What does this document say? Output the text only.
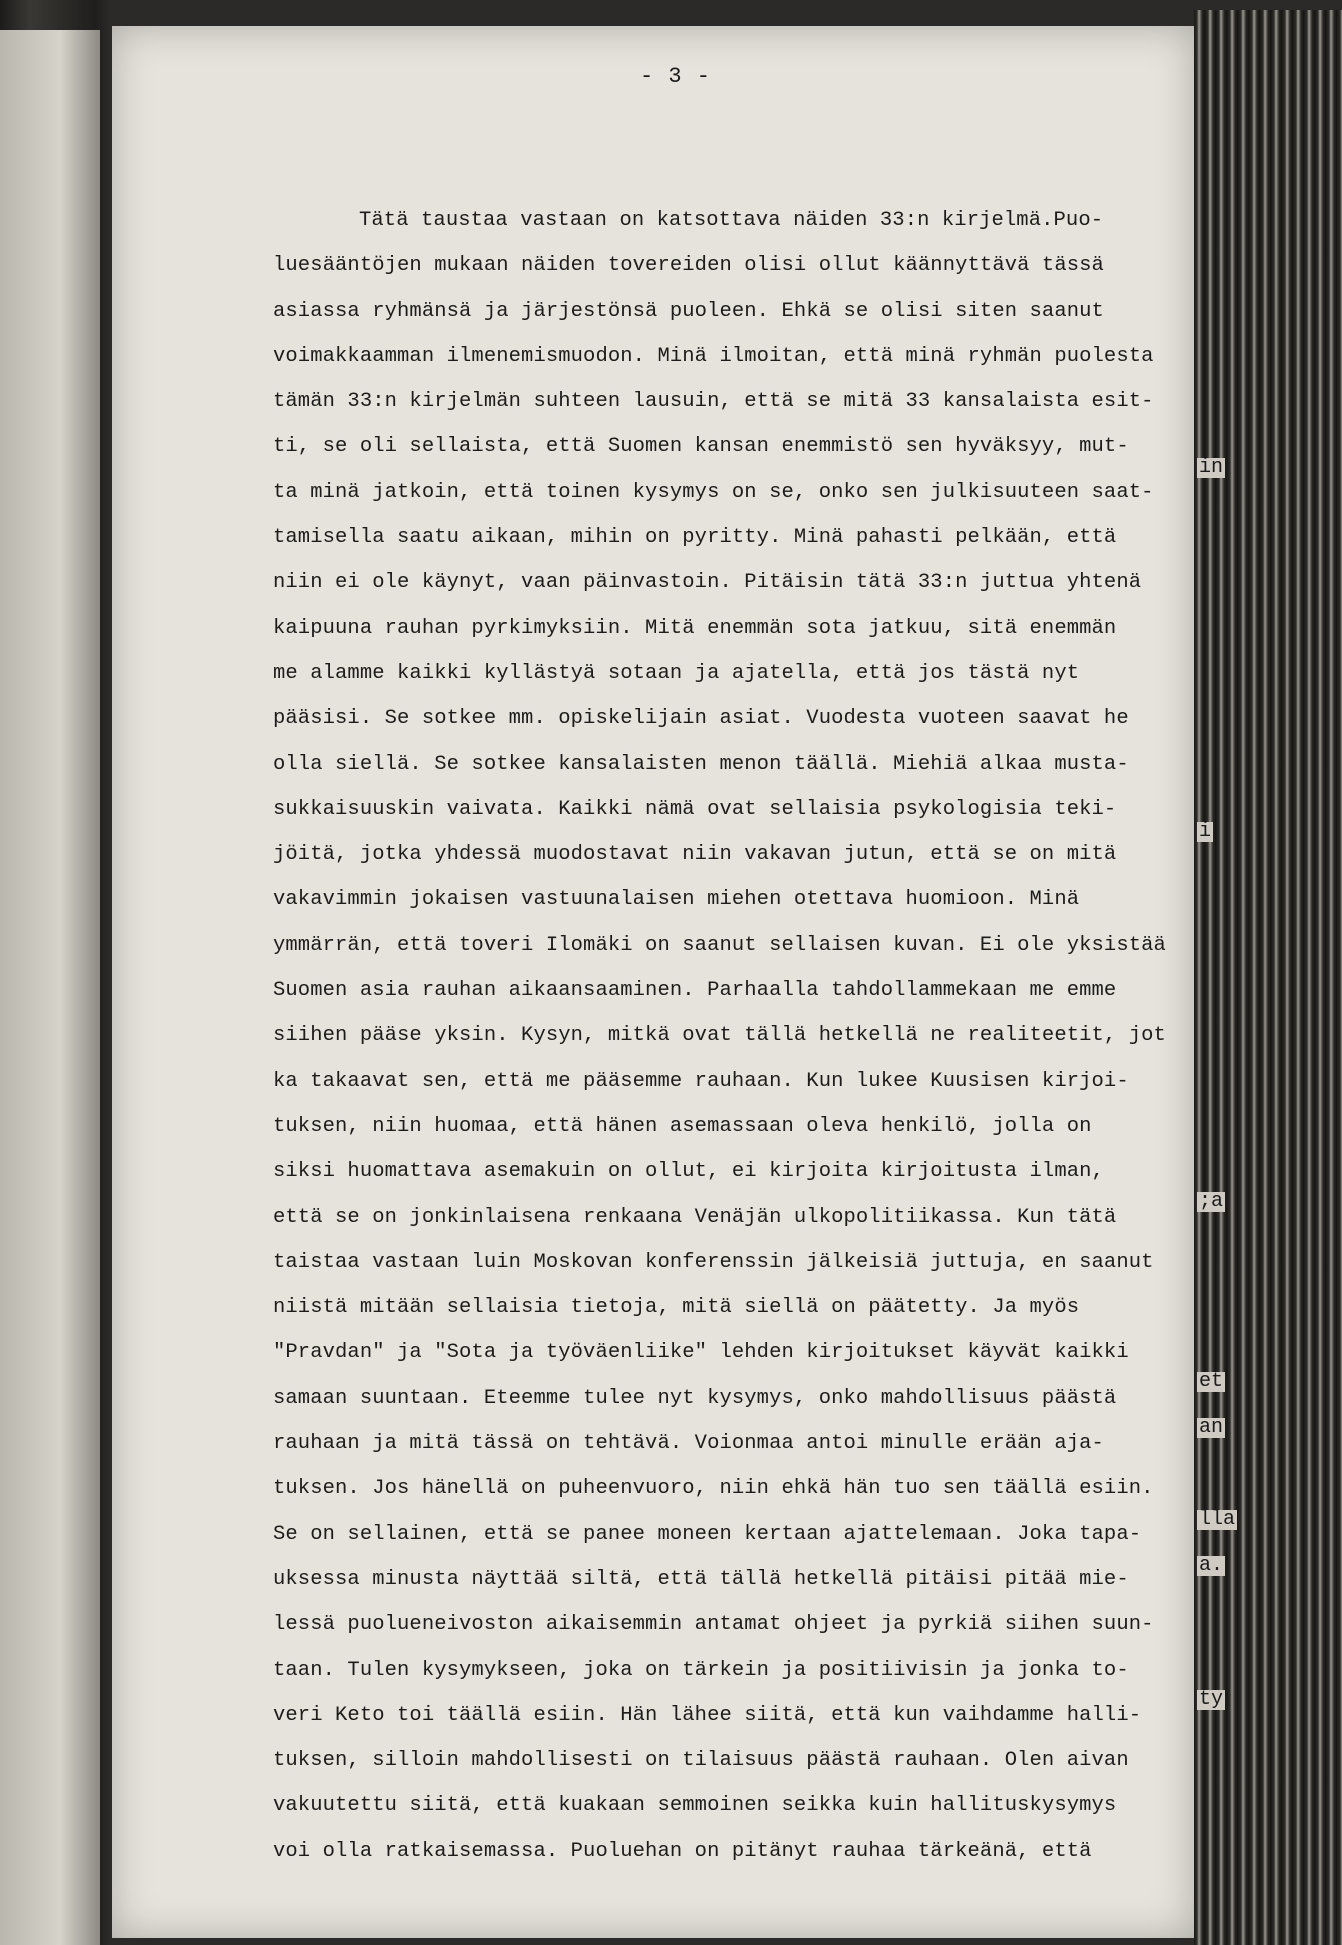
in
i
;a
et
an
lla
a.
ty
- 3 -
Tätä taustaa vastaan on katsottava näiden 33:n kirjelmä.Puo-
luesääntöjen mukaan näiden tovereiden olisi ollut käännyttävä tässä
asiassa ryhmänsä ja järjestönsä puoleen. Ehkä se olisi siten saanut
voimakkaamman ilmenemismuodon. Minä ilmoitan, että minä ryhmän puolesta
tämän 33:n kirjelmän suhteen lausuin, että se mitä 33 kansalaista esit-
ti, se oli sellaista, että Suomen kansan enemmistö sen hyväksyy, mut-
ta minä jatkoin, että toinen kysymys on se, onko sen julkisuuteen saat-
tamisella saatu aikaan, mihin on pyritty. Minä pahasti pelkään, että
niin ei ole käynyt, vaan päinvastoin. Pitäisin tätä 33:n juttua yhtenä
kaipuuna rauhan pyrkimyksiin. Mitä enemmän sota jatkuu, sitä enemmän
me alamme kaikki kyllästyä sotaan ja ajatella, että jos tästä nyt
pääsisi. Se sotkee mm. opiskelijain asiat. Vuodesta vuoteen saavat he
olla siellä. Se sotkee kansalaisten menon täällä. Miehiä alkaa musta-
sukkaisuuskin vaivata. Kaikki nämä ovat sellaisia psykologisia teki-
jöitä, jotka yhdessä muodostavat niin vakavan jutun, että se on mitä
vakavimmin jokaisen vastuunalaisen miehen otettava huomioon. Minä
ymmärrän, että toveri Ilomäki on saanut sellaisen kuvan. Ei ole yksistää
Suomen asia rauhan aikaansaaminen. Parhaalla tahdollammekaan me emme
siihen pääse yksin. Kysyn, mitkä ovat tällä hetkellä ne realiteetit, jot
ka takaavat sen, että me pääsemme rauhaan. Kun lukee Kuusisen kirjoi-
tuksen, niin huomaa, että hänen asemassaan oleva henkilö, jolla on
siksi huomattava asemakuin on ollut, ei kirjoita kirjoitusta ilman,
että se on jonkinlaisena renkaana Venäjän ulkopolitiikassa. Kun tätä
taistaa vastaan luin Moskovan konferenssin jälkeisiä juttuja, en saanut
niistä mitään sellaisia tietoja, mitä siellä on päätetty. Ja myös
"Pravdan" ja "Sota ja työväenliike" lehden kirjoitukset käyvät kaikki
samaan suuntaan. Eteemme tulee nyt kysymys, onko mahdollisuus päästä
rauhaan ja mitä tässä on tehtävä. Voionmaa antoi minulle erään aja-
tuksen. Jos hänellä on puheenvuoro, niin ehkä hän tuo sen täällä esiin.
Se on sellainen, että se panee moneen kertaan ajattelemaan. Joka tapa-
uksessa minusta näyttää siltä, että tällä hetkellä pitäisi pitää mie-
lessä puolueneivoston aikaisemmin antamat ohjeet ja pyrkiä siihen suun-
taan. Tulen kysymykseen, joka on tärkein ja positiivisin ja jonka to-
veri Keto toi täällä esiin. Hän lähee siitä, että kun vaihdamme halli-
tuksen, silloin mahdollisesti on tilaisuus päästä rauhaan. Olen aivan
vakuutettu siitä, että kuakaan semmoinen seikka kuin hallituskysymys
voi olla ratkaisemassa. Puoluehan on pitänyt rauhaa tärkeänä, että
